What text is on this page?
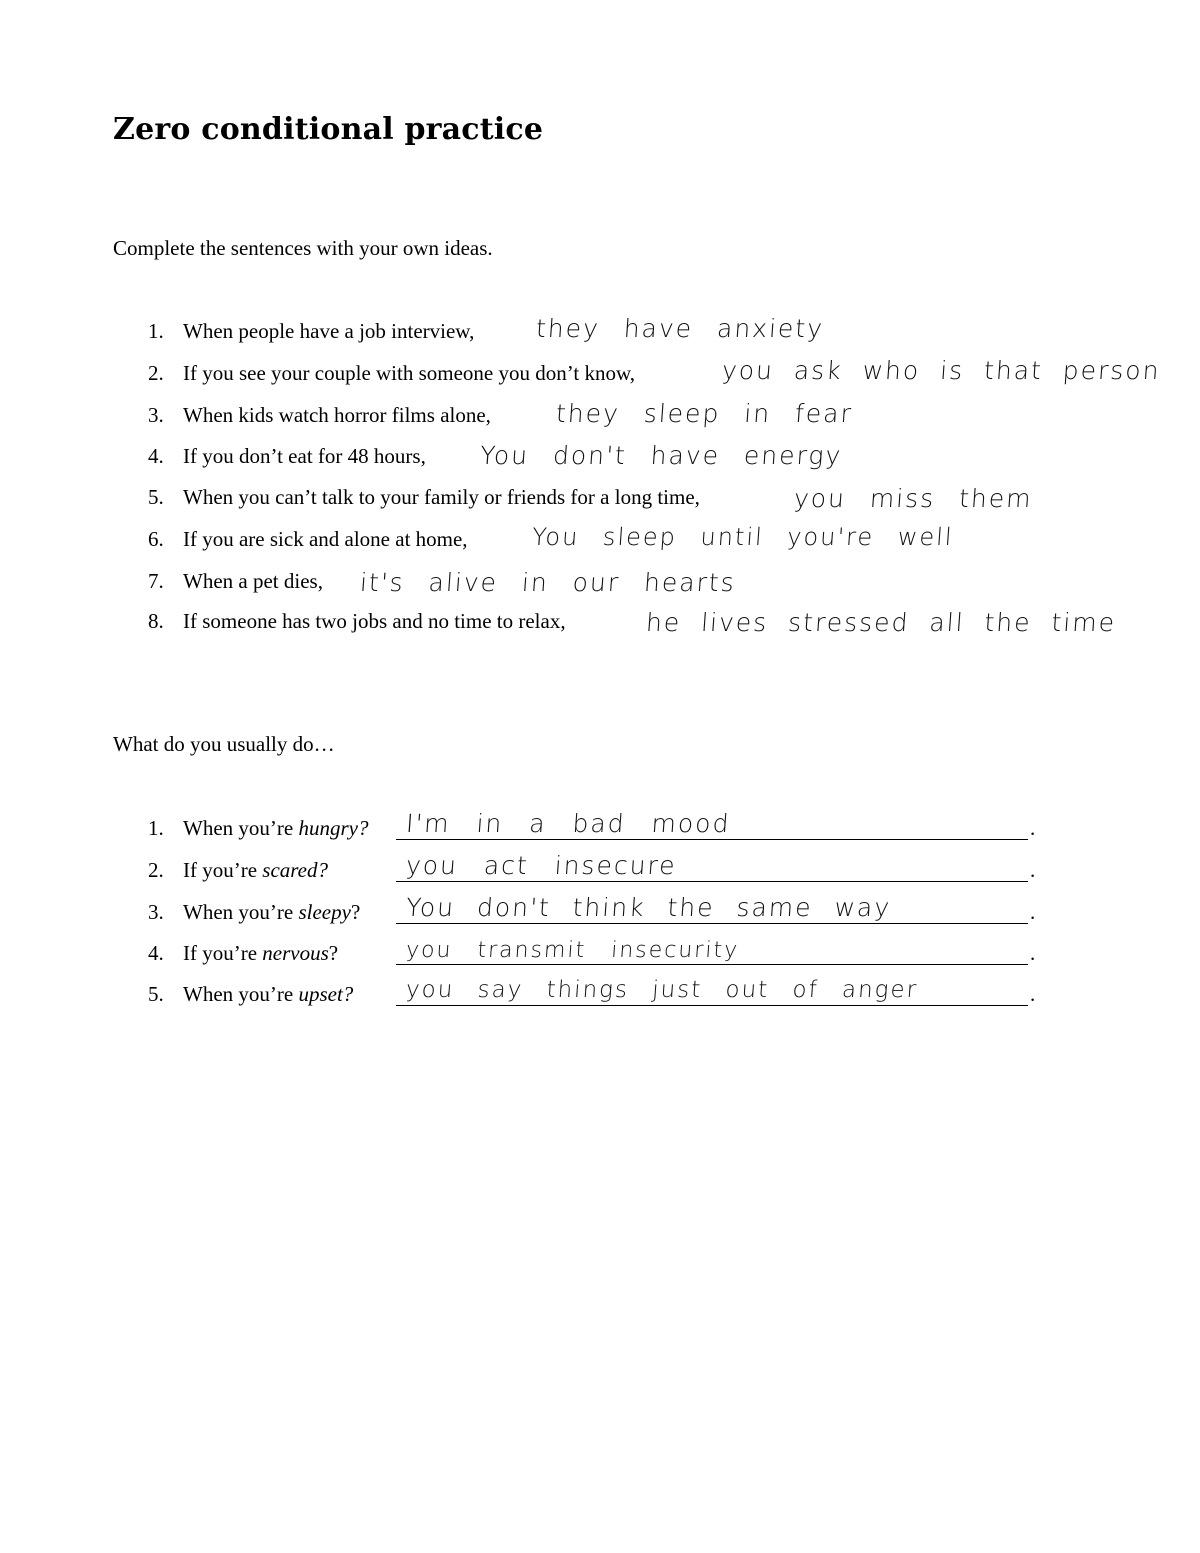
Zero conditional practice
Complete the sentences with your own ideas.
1. When people have a job interview, they have anxiety
2. If you see your couple with someone you don’t know,	you ask who is that person
3. When kids watch horror films alone,	they sleep in fear
4. If you don’t eat for 48 hours, You don't have energy
5. When you can’t talk to your family or friends for a long time,	you miss them
6. If you are sick and alone at home,	You sleep until you're well
7. When a pet dies, it's alive in our hearts
8. If someone has two jobs and no time to relax,	he lives stressed all the time
What do you usually do…
1. When you’re hungry? I'm in a bad mood	.
2. If you’re scared?	you act insecure	.
3. When you’re sleepy? You don't think the same way	.
4. If you’re nervous?	you transmit insecurity	.
5. When you’re upset? you say things just out of anger	.
